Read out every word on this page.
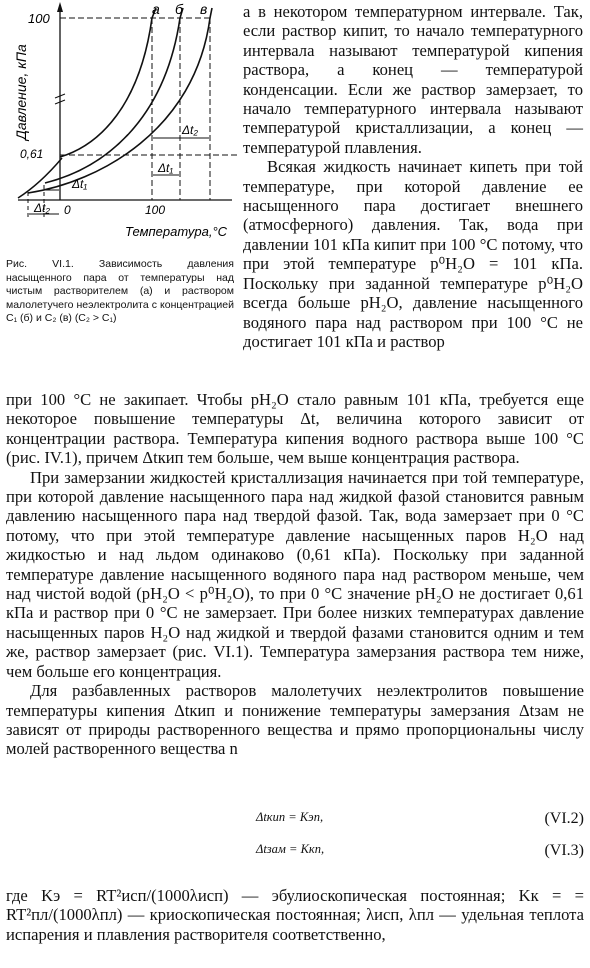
Давление, кПа
100
0,61
0	100
Температура,°С
а б в
Δt₁
Δt₂
Δt₁
Δt₂
Рис. VI.1. Зависимость давления насыщенного пара от температуры над чистым растворителем (а) и раствором малолетучего неэлектролита с концентрацией C₁ (б) и C₂ (в) (C₂ > C₁)

а в некотором температурном интервале. Так, если раствор кипит, то начало температурного интервала называют температурой кипения раствора, а конец — температурой конденсации. Если же раствор замерзает, то начало температурного интервала называют температурой кристаллизации, а конец — температурой плавления.

Всякая жидкость начинает кипеть при той температуре, при которой давление ее насыщенного пара достигает внешнего (атмосферного) давления. Так, вода при давлении 101 кПа кипит при 100 °С потому, что при этой температуре p⁰H₂O = 101 кПа. Поскольку при заданной температуре p⁰H₂O всегда больше pH₂O, давление насыщенного водяного пара над раствором при 100 °С не достигает 101 кПа и раствор

при 100 °С не закипает. Чтобы pH₂O стало равным 101 кПа, требуется еще некоторое повышение температуры Δt, величина которого зависит от концентрации раствора. Температура кипения водного раствора выше 100 °С (рис. IV.1), причем Δtкип тем больше, чем выше концентрация раствора.

При замерзании жидкостей кристаллизация начинается при той температуре, при которой давление насыщенного пара над жидкой фазой становится равным давлению насыщенного пара над твердой фазой. Так, вода замерзает при 0 °С потому, что при этой температуре давление насыщенных паров H₂O над жидкостью и над льдом одинаково (0,61 кПа). Поскольку при заданной температуре давление насыщенного водяного пара над раствором меньше, чем над чистой водой (pH₂O < p⁰H₂O), то при 0 °С значение pH₂O не достигает 0,61 кПа и раствор при 0 °С не замерзает. При более низких температурах давление насыщенных паров H₂O над жидкой и твердой фазами становится одним и тем же, раствор замерзает (рис. VI.1). Температура замерзания раствора тем ниже, чем больше его концентрация.

Для разбавленных растворов малолетучих неэлектролитов повышение температуры кипения Δtкип и понижение температуры замерзания Δtзам не зависят от природы растворенного вещества и прямо пропорциональны числу молей растворенного вещества n

Δtкип = Kэn,	(VI.2)
Δtзам = Kкn,	(VI.3)
где Kэ = RT²исп/(1000λисп) — эбулиоскопическая постоянная; Kк = = RT²пл/(1000λпл) — криоскопическая постоянная; λисп, λпл — удельная теплота испарения и плавления растворителя соответственно,
